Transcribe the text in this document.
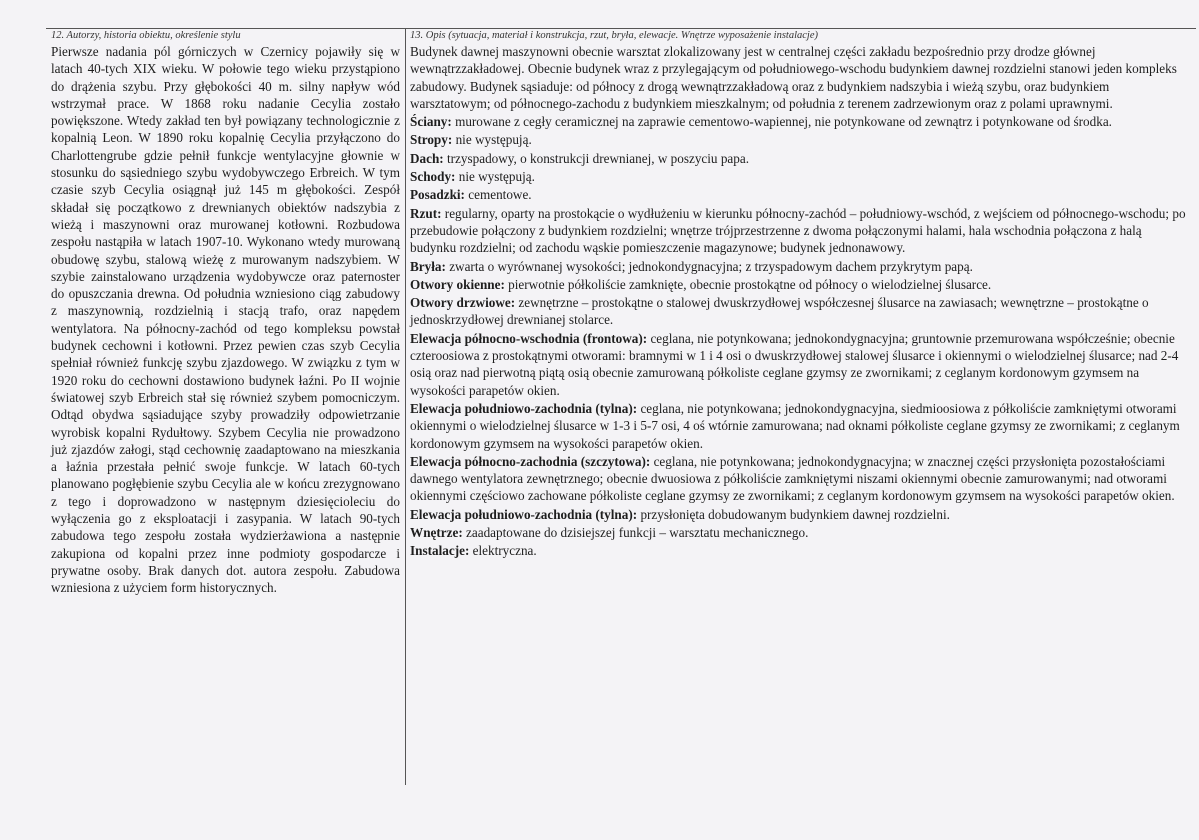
12. Autorzy, historia obiektu, określenie stylu
Pierwsze nadania pól górniczych w Czernicy pojawiły się w latach 40-tych XIX wieku. W połowie tego wieku przystąpiono do drążenia szybu. Przy głębokości 40 m. silny napływ wód wstrzymał prace. W 1868 roku nadanie Cecylia zostało powiększone. Wtedy zakład ten był powiązany technologicznie z kopalnią Leon. W 1890 roku kopalnię Cecylia przyłączono do Charlottengrube gdzie pełnił funkcje wentylacyjne głownie w stosunku do sąsiedniego szybu wydobywczego Erbreich. W tym czasie szyb Cecylia osiągnął już 145 m głębokości. Zespół składał się początkowo z drewnianych obiektów nadszybia z wieżą i maszynowni oraz murowanej kotłowni. Rozbudowa zespołu nastąpiła w latach 1907-10. Wykonano wtedy murowaną obudowę szybu, stalową wieżę z murowanym nadszybiem. W szybie zainstalowano urządzenia wydobywcze oraz paternoster do opuszczania drewna. Od południa wzniesiono ciąg zabudowy z maszynownią, rozdzielnią i stacją trafo, oraz napędem wentylatora. Na północny-zachód od tego kompleksu powstał budynek cechowni i kotłowni. Przez pewien czas szyb Cecylia spełniał również funkcję szybu zjazdowego. W związku z tym w 1920 roku do cechowni dostawiono budynek łaźni. Po II wojnie światowej szyb Erbreich stał się również szybem pomocniczym. Odtąd obydwa sąsiadujące szyby prowadziły odpowietrzanie wyrobisk kopalni Rydułtowy. Szybem Cecylia nie prowadzono już zjazdów załogi, stąd cechownię zaadaptowano na mieszkania a łaźnia przestała pełnić swoje funkcje. W latach 60-tych planowano pogłębienie szybu Cecylia ale w końcu zrezygnowano z tego i doprowadzono w następnym dziesięcioleciu do wyłączenia go z eksploatacji i zasypania. W latach 90-tych zabudowa tego zespołu została wydzierżawiona a następnie zakupiona od kopalni przez inne podmioty gospodarcze i prywatne osoby. Brak danych dot. autora zespołu. Zabudowa wzniesiona z użyciem form historycznych.
13. Opis (sytuacja, materiał i konstrukcja, rzut, bryła, elewacje. Wnętrze wyposażenie instalacje)
Budynek dawnej maszynowni obecnie warsztat zlokalizowany jest w centralnej części zakładu bezpośrednio przy drodze głównej wewnątrzzakładowej. Obecnie budynek wraz z przylegającym od południowego-wschodu budynkiem dawnej rozdzielni stanowi jeden kompleks zabudowy. Budynek sąsiaduje: od północy z drogą wewnątrzzakładową oraz z budynkiem nadszybia i wieżą szybu, oraz budynkiem warsztatowym; od północnego-zachodu z budynkiem mieszkalnym; od południa z terenem zadrzewionym oraz z polami uprawnymi.
Ściany: murowane z cegły ceramicznej na zaprawie cementowo-wapiennej, nie potynkowane od zewnątrz i potynkowane od środka.
Stropy: nie występują.
Dach: trzyspadowy, o konstrukcji drewnianej, w poszyciu papa.
Schody: nie występują.
Posadzki: cementowe.
Rzut: regularny, oparty na prostokącie o wydłużeniu w kierunku północny-zachód – południowy-wschód, z wejściem od północnego-wschodu; po przebudowie połączony z budynkiem rozdzielni; wnętrze trójprzestrzenne z dwoma połączonymi halami, hala wschodnia połączona z halą budynku rozdzielni; od zachodu wąskie pomieszczenie magazynowe; budynek jednonawowy.
Bryła: zwarta o wyrównanej wysokości; jednokondygnacyjna; z trzyspadowym dachem przykrytym papą.
Otwory okienne: pierwotnie półkoliście zamknięte, obecnie prostokątne od północy o wielodzielnej ślusarce.
Otwory drzwiowe: zewnętrzne – prostokątne o stalowej dwuskrzydłowej współczesnej ślusarce na zawiasach; wewnętrzne – prostokątne o jednoskrzydłowej drewnianej stolarce.
Elewacja północno-wschodnia (frontowa): ceglana, nie potynkowana; jednokondygnacyjna; gruntownie przemurowana współcześnie; obecnie czteroosiowa z prostokątnymi otworami: bramnymi w 1 i 4 osi o dwuskrzydłowej stalowej ślusarce i okiennymi o wielodzielnej ślusarce; nad 2-4 osią oraz nad pierwotną piątą osią obecnie zamurowaną półkoliste ceglane gzymsy ze zwornikami; z ceglanym kordonowym gzymsem na wysokości parapetów okien.
Elewacja południowo-zachodnia (tylna): ceglana, nie potynkowana; jednokondygnacyjna, siedmioosiowa z półkoliście zamkniętymi otworami okiennymi o wielodzielnej ślusarce w 1-3 i 5-7 osi, 4 oś wtórnie zamurowana; nad oknami półkoliste ceglane gzymsy ze zwornikami; z ceglanym kordonowym gzymsem na wysokości parapetów okien.
Elewacja północno-zachodnia (szczytowa): ceglana, nie potynkowana; jednokondygnacyjna; w znacznej części przysłonięta pozostałościami dawnego wentylatora zewnętrznego; obecnie dwuosiowa z półkoliście zamkniętymi niszami okiennymi obecnie zamurowanymi; nad otworami okiennymi częściowo zachowane półkoliste ceglane gzymsy ze zwornikami; z ceglanym kordonowym gzymsem na wysokości parapetów okien.
Elewacja południowo-zachodnia (tylna): przysłonięta dobudowanym budynkiem dawnej rozdzielni.
Wnętrze: zaadaptowane do dzisiejszej funkcji – warsztatu mechanicznego.
Instalacje: elektryczna.
